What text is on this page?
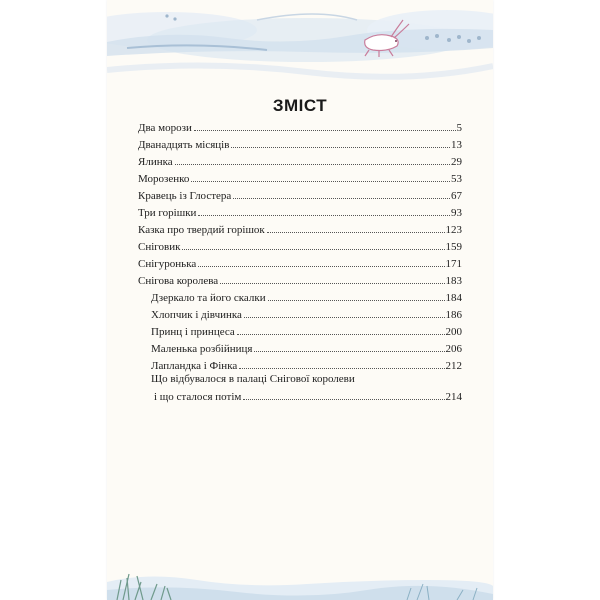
ЗМІСТ
Два морози	5
Дванадцять місяців	13
Ялинка	29
Морозенко	53
Кравець із Глостера	67
Три горішки	93
Казка про твердий горішок	123
Сніговик	159
Снігуронька	171
Снігова королева	183
Дзеркало та його скалки	184
Хлопчик і дівчинка	186
Принц і принцеса	200
Маленька розбійниця	206
Лапландка і Фінка	212
Що відбувалося в палаці Снігової королеви
і що сталося потім	214
